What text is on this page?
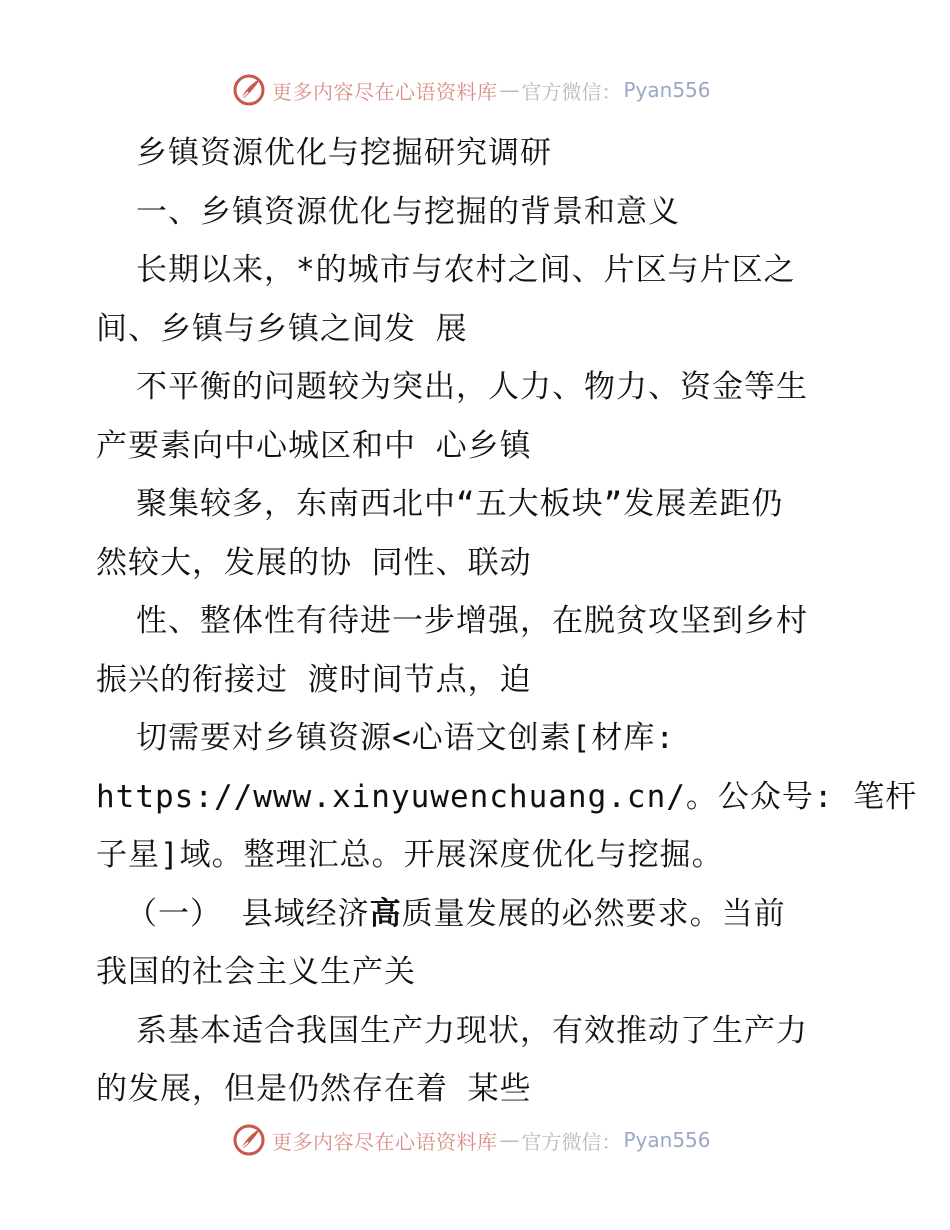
更多内容尽在心语资料库 — 官方微信： Pyan556
乡镇资源优化与挖掘研究调研
一、乡镇资源优化与挖掘的背景和意义
长期以来，*的城市与农村之间、片区与片区之
间、乡镇与乡镇之间发 展
不平衡的问题较为突出，人力、物力、资金等生
产要素向中心城区和中 心乡镇
聚集较多，东南西北中“五大板块”发展差距仍
然较大，发展的协 同性、联动
性、整体性有待进一步增强，在脱贫攻坚到乡村
振兴的衔接过 渡时间节点，迫
切需要对乡镇资源<心语文创素[材库:
https://www.xinyuwenchuang.cn/。公众号: 笔杆
子星]域。整理汇总。开展深度优化与挖掘。
（一） 县域经济高质量发展的必然要求。当前
我国的社会主义生产关
系基本适合我国生产力现状，有效推动了生产力
的发展，但是仍然存在着 某些
更多内容尽在心语资料库 — 官方微信： Pyan556
